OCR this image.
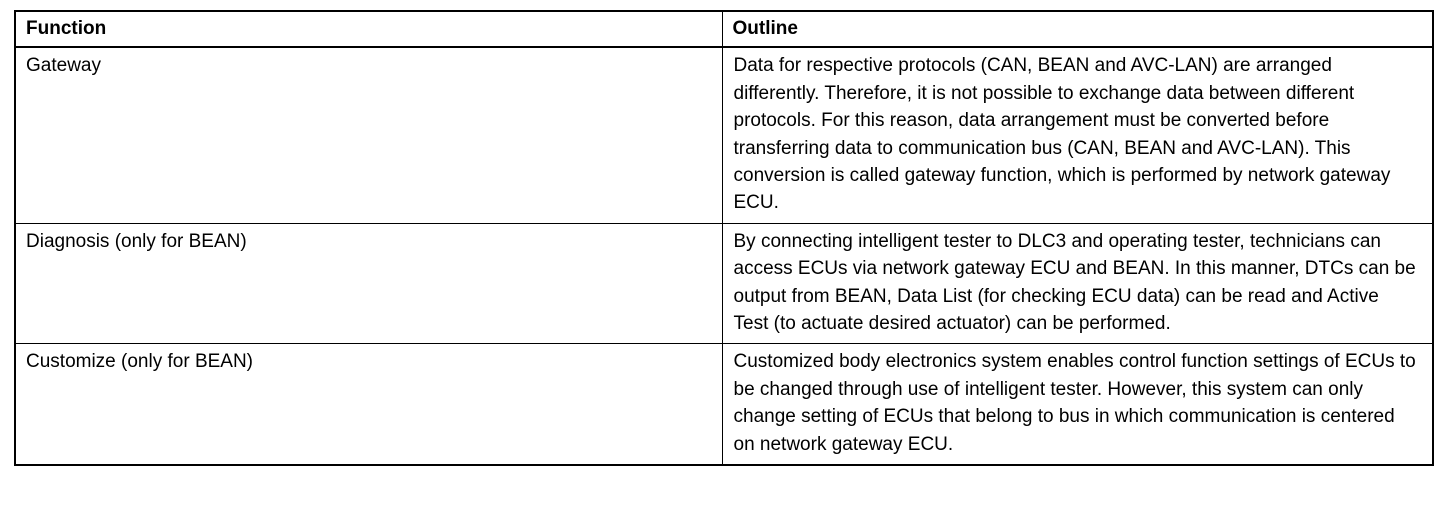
Function	Outline
Gateway	Data for respective protocols (CAN, BEAN and AVC-LAN) are arranged differently. Therefore, it is not possible to exchange data between different protocols. For this reason, data arrangement must be converted before transferring data to communication bus (CAN, BEAN and AVC-LAN). This conversion is called gateway function, which is performed by network gateway ECU.
Diagnosis (only for BEAN)	By connecting intelligent tester to DLC3 and operating tester, technicians can access ECUs via network gateway ECU and BEAN. In this manner, DTCs can be output from BEAN, Data List (for checking ECU data) can be read and Active Test (to actuate desired actuator) can be performed.
Customize (only for BEAN)	Customized body electronics system enables control function settings of ECUs to be changed through use of intelligent tester. However, this system can only change setting of ECUs that belong to bus in which communication is centered on network gateway ECU.
